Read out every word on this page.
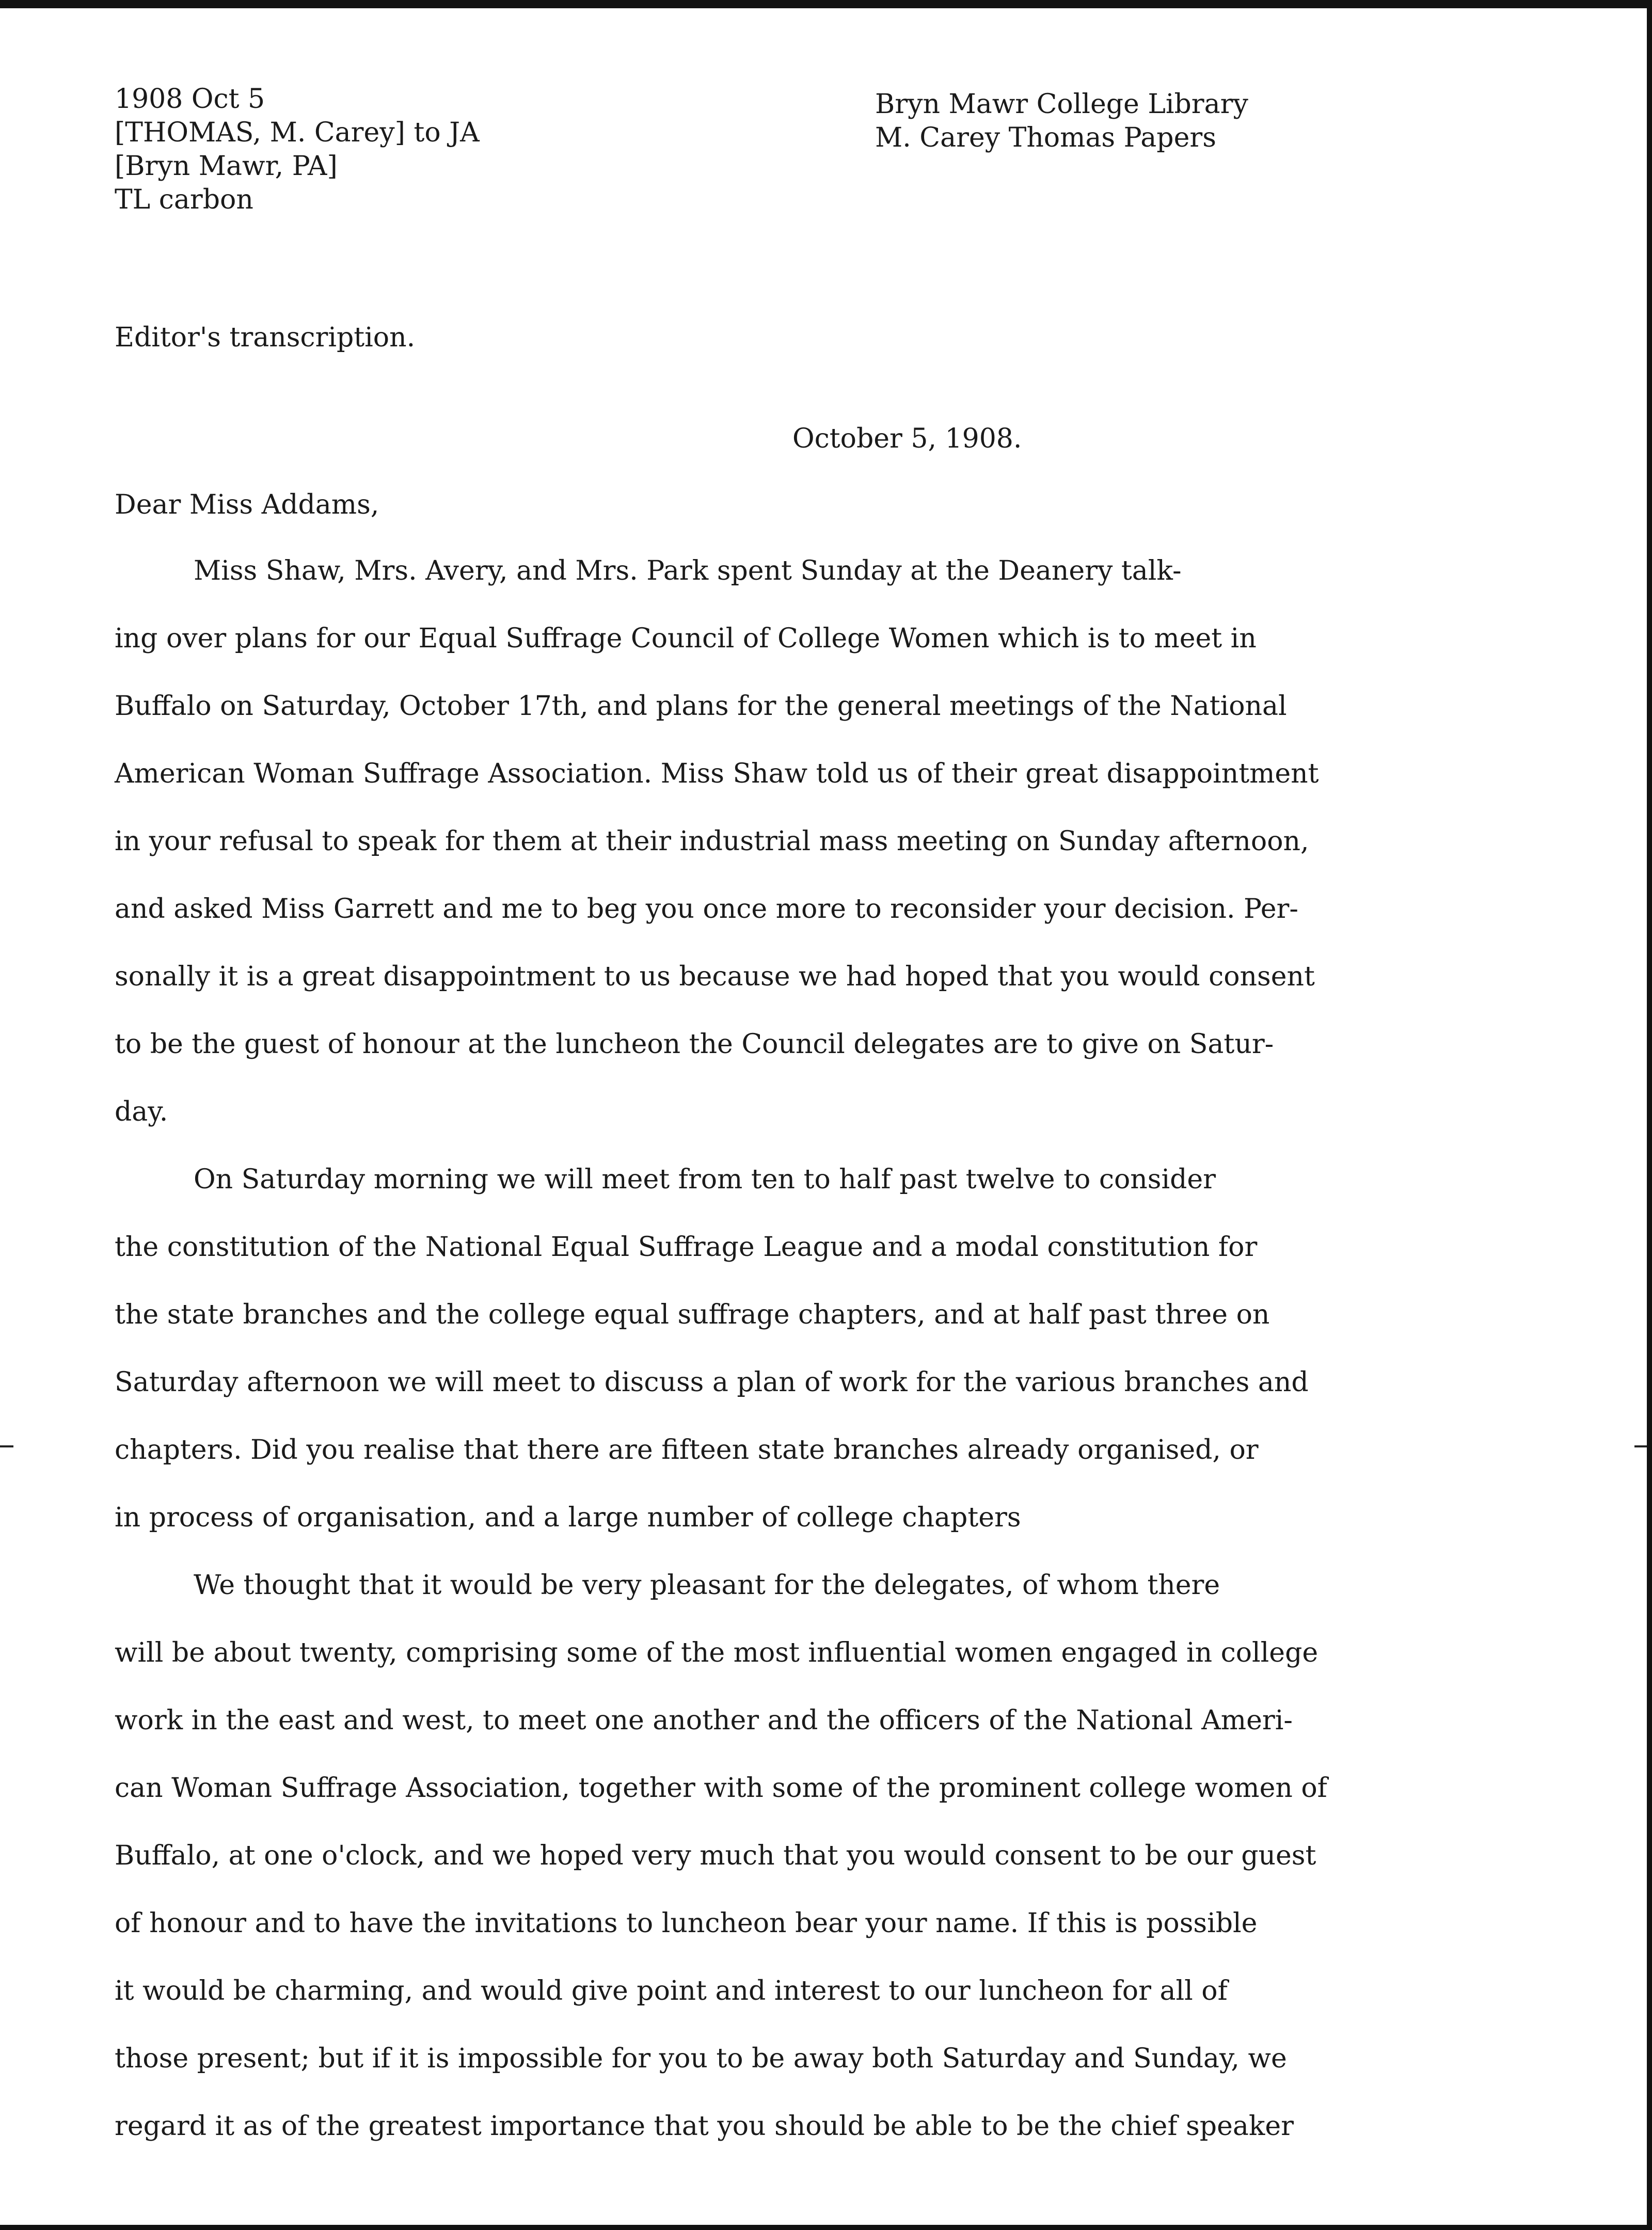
1908 Oct 5
[THOMAS, M. Carey] to JA
[Bryn Mawr, PA]
TL carbon
Bryn Mawr College Library
M. Carey Thomas Papers
Editor's transcription.
October 5, 1908.
Dear Miss Addams,
Miss Shaw, Mrs. Avery, and Mrs. Park spent Sunday at the Deanery talk-
ing over plans for our Equal Suffrage Council of College Women which is to meet in
Buffalo on Saturday, October 17th, and plans for the general meetings of the National
American Woman Suffrage Association. Miss Shaw told us of their great disappointment
in your refusal to speak for them at their industrial mass meeting on Sunday afternoon,
and asked Miss Garrett and me to beg you once more to reconsider your decision. Per-
sonally it is a great disappointment to us because we had hoped that you would consent
to be the guest of honour at the luncheon the Council delegates are to give on Satur-
day.
On Saturday morning we will meet from ten to half past twelve to consider
the constitution of the National Equal Suffrage League and a modal constitution for
the state branches and the college equal suffrage chapters, and at half past three on
Saturday afternoon we will meet to discuss a plan of work for the various branches and
chapters. Did you realise that there are fifteen state branches already organised, or
in process of organisation, and a large number of college chapters
We thought that it would be very pleasant for the delegates, of whom there
will be about twenty, comprising some of the most influential women engaged in college
work in the east and west, to meet one another and the officers of the National Ameri-
can Woman Suffrage Association, together with some of the prominent college women of
Buffalo, at one o'clock, and we hoped very much that you would consent to be our guest
of honour and to have the invitations to luncheon bear your name. If this is possible
it would be charming, and would give point and interest to our luncheon for all of
those present; but if it is impossible for you to be away both Saturday and Sunday, we
regard it as of the greatest importance that you should be able to be the chief speaker
